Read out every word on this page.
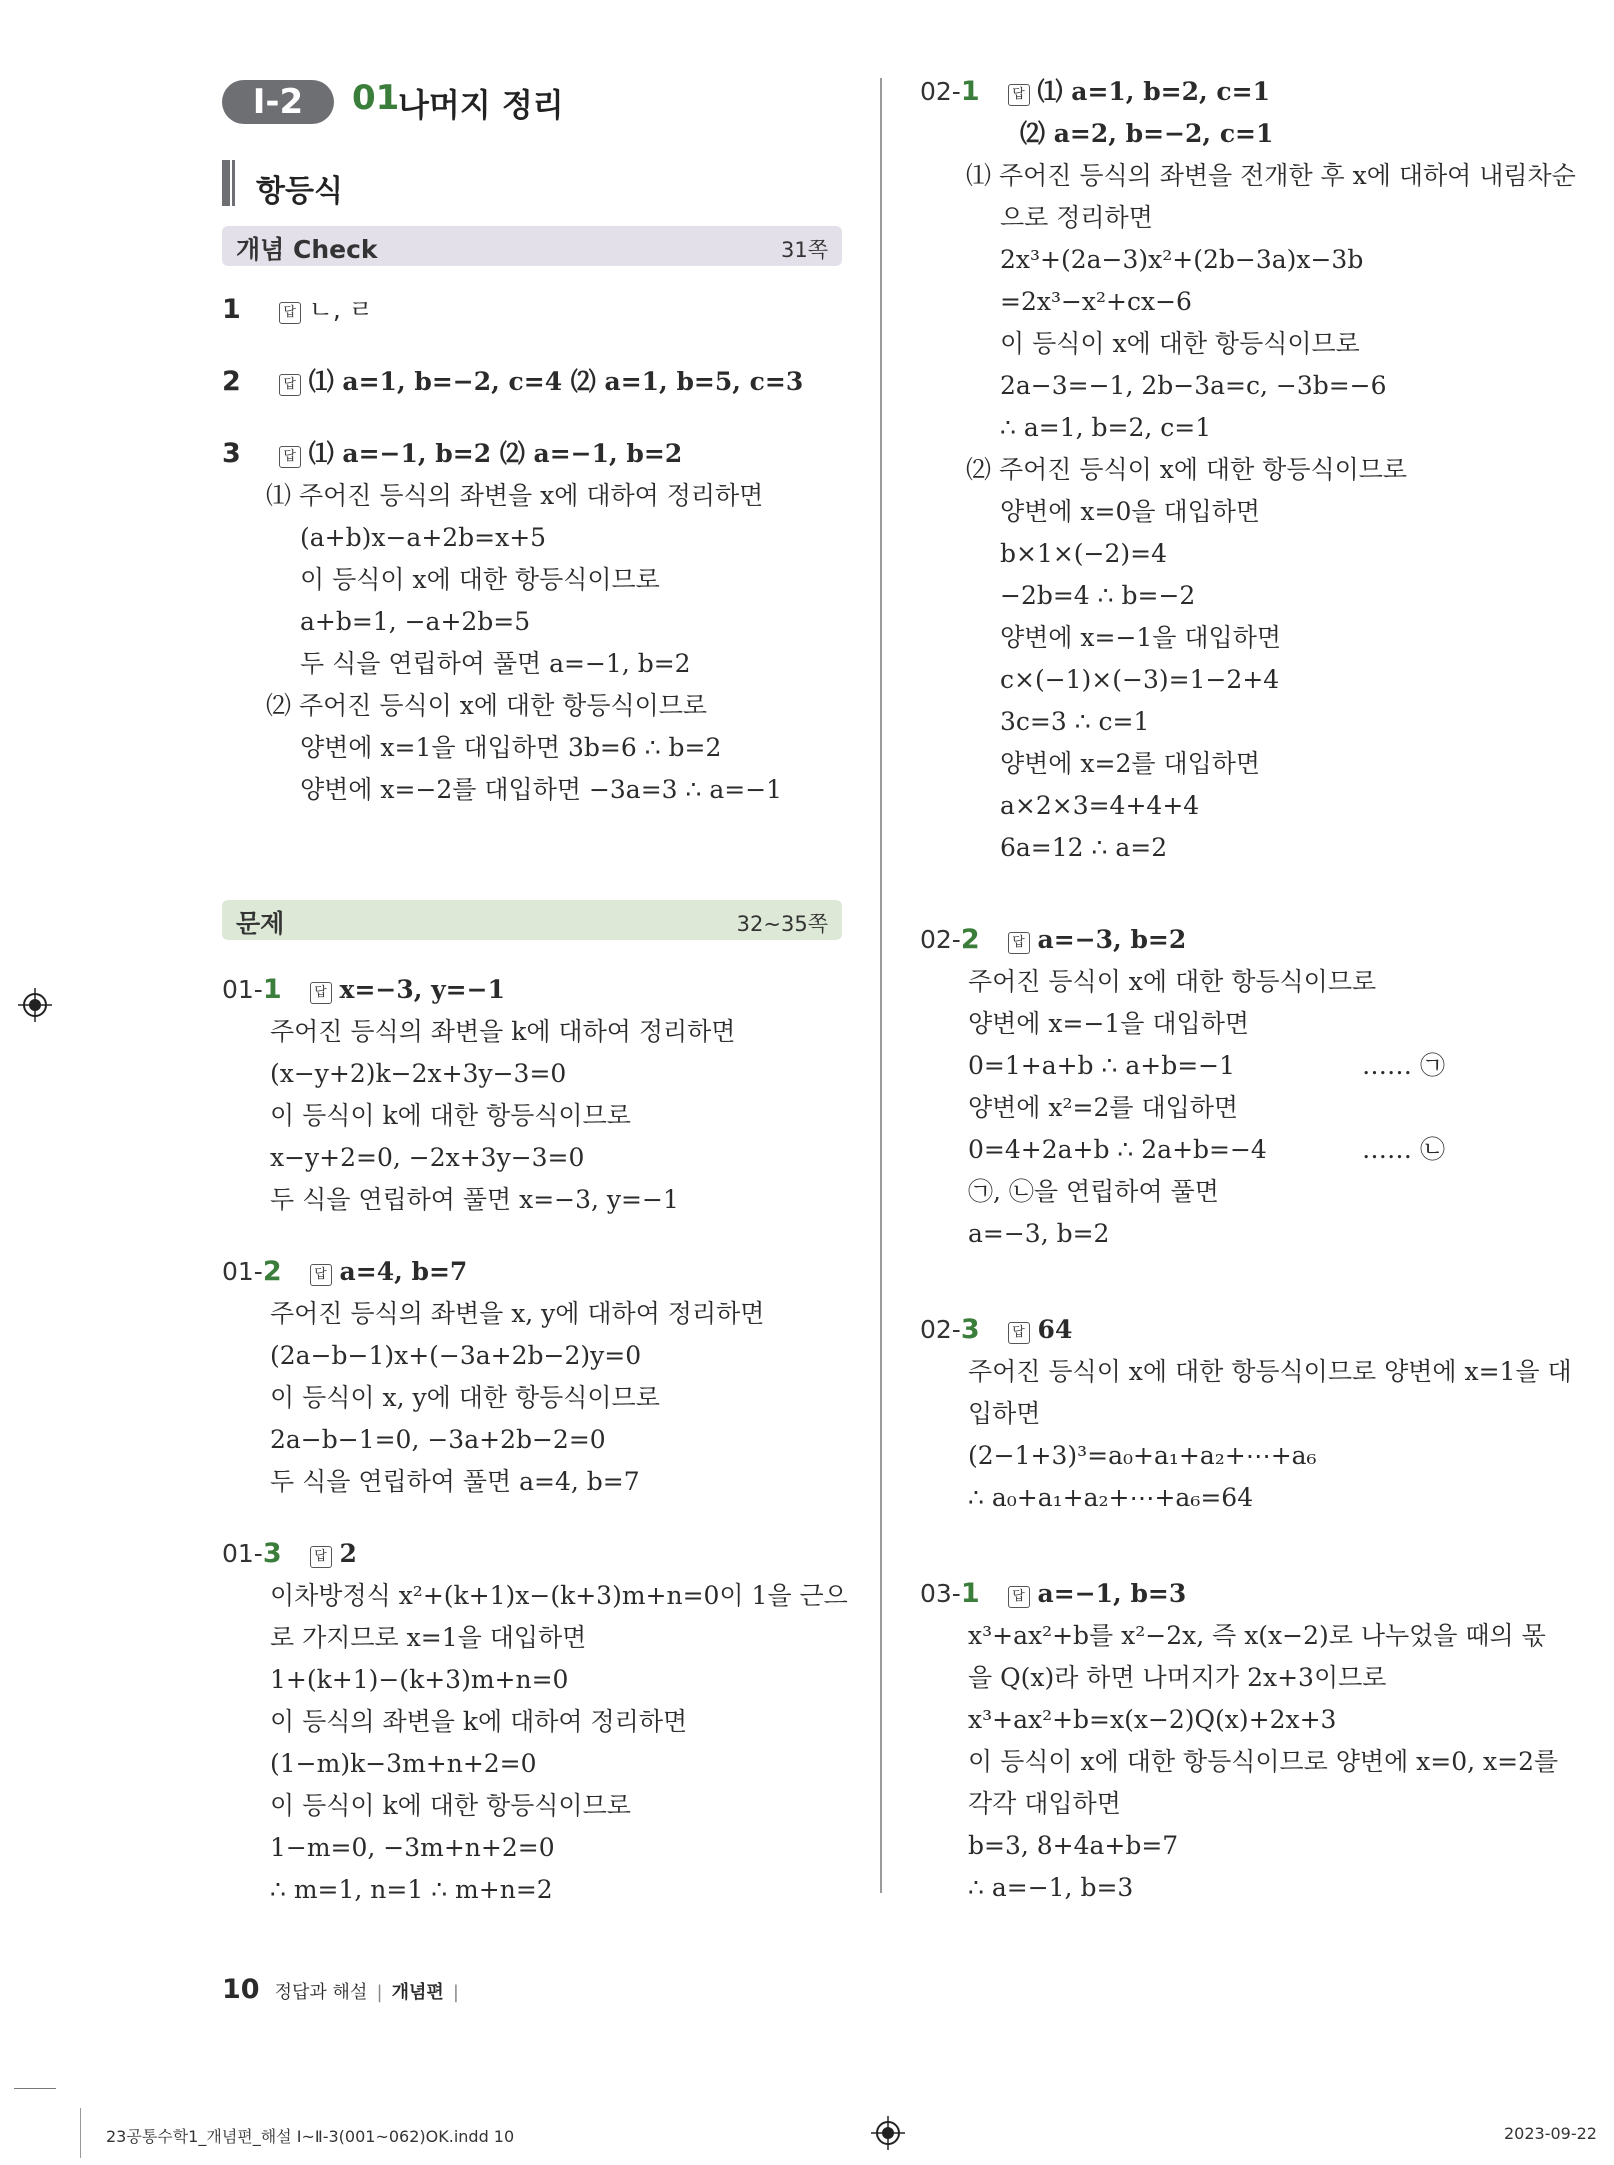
Ⅰ-2	01
나머지 정리
항등식
개념 Check	31쪽
1	답 ㄴ, ㄹ
2	답 ⑴ a=1, b=−2, c=4 ⑵ a=1, b=5, c=3
3	답 ⑴ a=−1, b=2 ⑵ a=−1, b=2
⑴ 주어진 등식의 좌변을 x에 대하여 정리하면
(a+b)x−a+2b=x+5
이 등식이 x에 대한 항등식이므로
a+b=1, −a+2b=5
두 식을 연립하여 풀면 a=−1, b=2
⑵ 주어진 등식이 x에 대한 항등식이므로
양변에 x=1을 대입하면 3b=6 ∴ b=2
양변에 x=−2를 대입하면 −3a=3 ∴ a=−1
문제	32∼35쪽
01-1	답 x=−3, y=−1
주어진 등식의 좌변을 k에 대하여 정리하면
(x−y+2)k−2x+3y−3=0
이 등식이 k에 대한 항등식이므로
x−y+2=0, −2x+3y−3=0
두 식을 연립하여 풀면 x=−3, y=−1
01-2	답 a=4, b=7
주어진 등식의 좌변을 x, y에 대하여 정리하면
(2a−b−1)x+(−3a+2b−2)y=0
이 등식이 x, y에 대한 항등식이므로
2a−b−1=0, −3a+2b−2=0
두 식을 연립하여 풀면 a=4, b=7
01-3	답 2
이차방정식 x²+(k+1)x−(k+3)m+n=0이 1을 근으
로 가지므로 x=1을 대입하면
1+(k+1)−(k+3)m+n=0
이 등식의 좌변을 k에 대하여 정리하면
(1−m)k−3m+n+2=0
이 등식이 k에 대한 항등식이므로
1−m=0, −3m+n+2=0
∴ m=1, n=1 ∴ m+n=2
02-1	답 ⑴ a=1, b=2, c=1
⑵ a=2, b=−2, c=1
⑴ 주어진 등식의 좌변을 전개한 후 x에 대하여 내림차순
으로 정리하면
2x³+(2a−3)x²+(2b−3a)x−3b
=2x³−x²+cx−6
이 등식이 x에 대한 항등식이므로
2a−3=−1, 2b−3a=c, −3b=−6
∴ a=1, b=2, c=1
⑵ 주어진 등식이 x에 대한 항등식이므로
양변에 x=0을 대입하면
b×1×(−2)=4
−2b=4 ∴ b=−2
양변에 x=−1을 대입하면
c×(−1)×(−3)=1−2+4
3c=3 ∴ c=1
양변에 x=2를 대입하면
a×2×3=4+4+4
6a=12 ∴ a=2
02-2	답 a=−3, b=2
주어진 등식이 x에 대한 항등식이므로
양변에 x=−1을 대입하면
0=1+a+b ∴ a+b=−1	…… ㉠
양변에 x²=2를 대입하면
0=4+2a+b ∴ 2a+b=−4	…… ㉡
㉠, ㉡을 연립하여 풀면
a=−3, b=2
02-3	답 64
주어진 등식이 x에 대한 항등식이므로 양변에 x=1을 대
입하면
(2−1+3)³=a₀+a₁+a₂+⋯+a₆
∴ a₀+a₁+a₂+⋯+a₆=64
03-1	답 a=−1, b=3
x³+ax²+b를 x²−2x, 즉 x(x−2)로 나누었을 때의 몫
을 Q(x)라 하면 나머지가 2x+3이므로
x³+ax²+b=x(x−2)Q(x)+2x+3
이 등식이 x에 대한 항등식이므로 양변에 x=0, x=2를
각각 대입하면
b=3, 8+4a+b=7
∴ a=−1, b=3
10 정답과 해설 | 개념편 |
23공통수학1_개념편_해설 Ⅰ~Ⅱ-3(001~062)OK.indd 10	2023-09-22
